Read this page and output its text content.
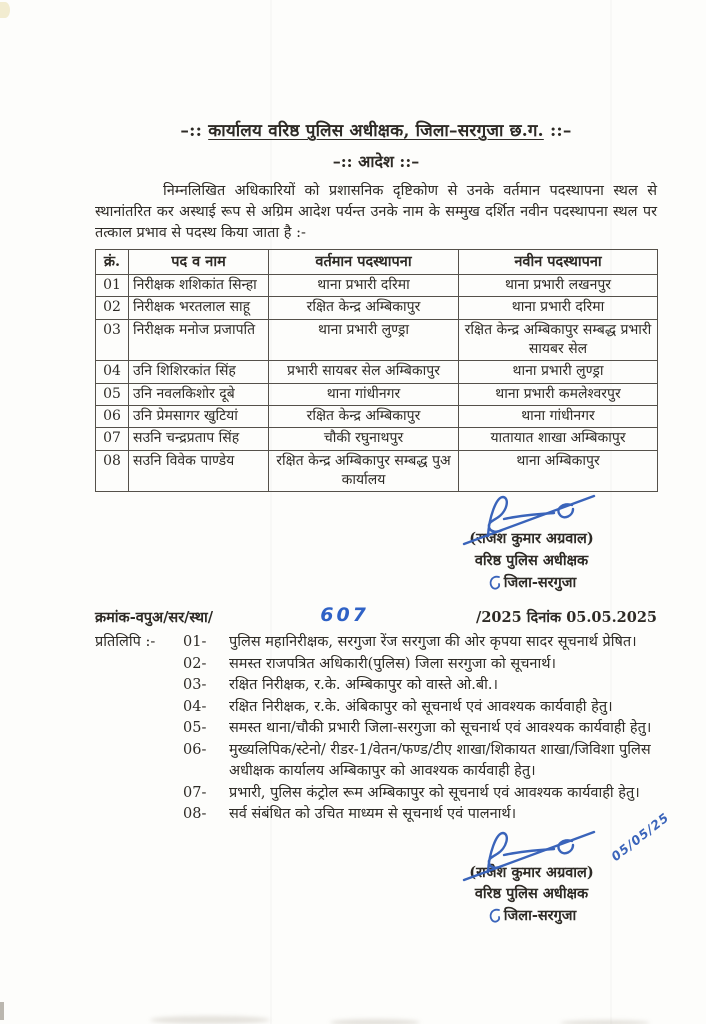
–:: कार्यालय वरिष्ठ पुलिस अधीक्षक, जिला–सरगुजा छ.ग. ::–
–:: आदेश ::–
निम्नलिखित अधिकारियों को प्रशासनिक दृष्टिकोण से उनके वर्तमान पदस्थापना स्थल से स्थानांतरित कर अस्थाई रूप से अग्रिम आदेश पर्यन्त उनके नाम के सम्मुख दर्शित नवीन पदस्थापना स्थल पर तत्काल प्रभाव से पदस्थ किया जाता है :-
क्रं.	पद व नाम	वर्तमान पदस्थापना	नवीन पदस्थापना
01	निरीक्षक शशिकांत सिन्हा	थाना प्रभारी दरिमा	थाना प्रभारी लखनपुर
02	निरीक्षक भरतलाल साहू	रक्षित केन्द्र अम्बिकापुर	थाना प्रभारी दरिमा
03	निरीक्षक मनोज प्रजापति	थाना प्रभारी लुण्ड्रा	रक्षित केन्द्र अम्बिकापुर सम्बद्ध प्रभारी सायबर सेल
04	उनि शिशिरकांत सिंह	प्रभारी सायबर सेल अम्बिकापुर	थाना प्रभारी लुण्ड्रा
05	उनि नवलकिशोर दूबे	थाना गांधीनगर	थाना प्रभारी कमलेश्वरपुर
06	उनि प्रेमसागर खुटियां	रक्षित केन्द्र अम्बिकापुर	थाना गांधीनगर
07	सउनि चन्द्रप्रताप सिंह	चौकी रघुनाथपुर	यातायात शाखा अम्बिकापुर
08	सउनि विवेक पाण्डेय	रक्षित केन्द्र अम्बिकापुर सम्बद्ध पुअ कार्यालय	थाना अम्बिकापुर
(राजेश कुमार अग्रवाल)
वरिष्ठ पुलिस अधीक्षक
जिला-सरगुजा
क्रमांक-वपुअ/सर/स्था/	607	/2025 दिनांक 05.05.2025
प्रतिलिपि :-	01-	पुलिस महानिरीक्षक, सरगुजा रेंज सरगुजा की ओर कृपया सादर सूचनार्थ प्रेषित।
02-	समस्त राजपत्रित अधिकारी(पुलिस) जिला सरगुजा को सूचनार्थ।
03-	रक्षित निरीक्षक, र.के. अम्बिकापुर को वास्ते ओ.बी.।
04-	रक्षित निरीक्षक, र.के. अंबिकापुर को सूचनार्थ एवं आवश्यक कार्यवाही हेतु।
05-	समस्त थाना/चौकी प्रभारी जिला-सरगुजा को सूचनार्थ एवं आवश्यक कार्यवाही हेतु।
06-	मुख्यलिपिक/स्टेनो/ रीडर-1/वेतन/फण्ड/टीए शाखा/शिकायत शाखा/जिविशा पुलिस अधीक्षक कार्यालय अम्बिकापुर को आवश्यक कार्यवाही हेतु।
07-	प्रभारी, पुलिस कंट्रोल रूम अम्बिकापुर को सूचनार्थ एवं आवश्यक कार्यवाही हेतु।
08-	सर्व संबंधित को उचित माध्यम से सूचनार्थ एवं पालनार्थ।	05/05/25
(राजेश कुमार अग्रवाल)
वरिष्ठ पुलिस अधीक्षक
जिला-सरगुजा
